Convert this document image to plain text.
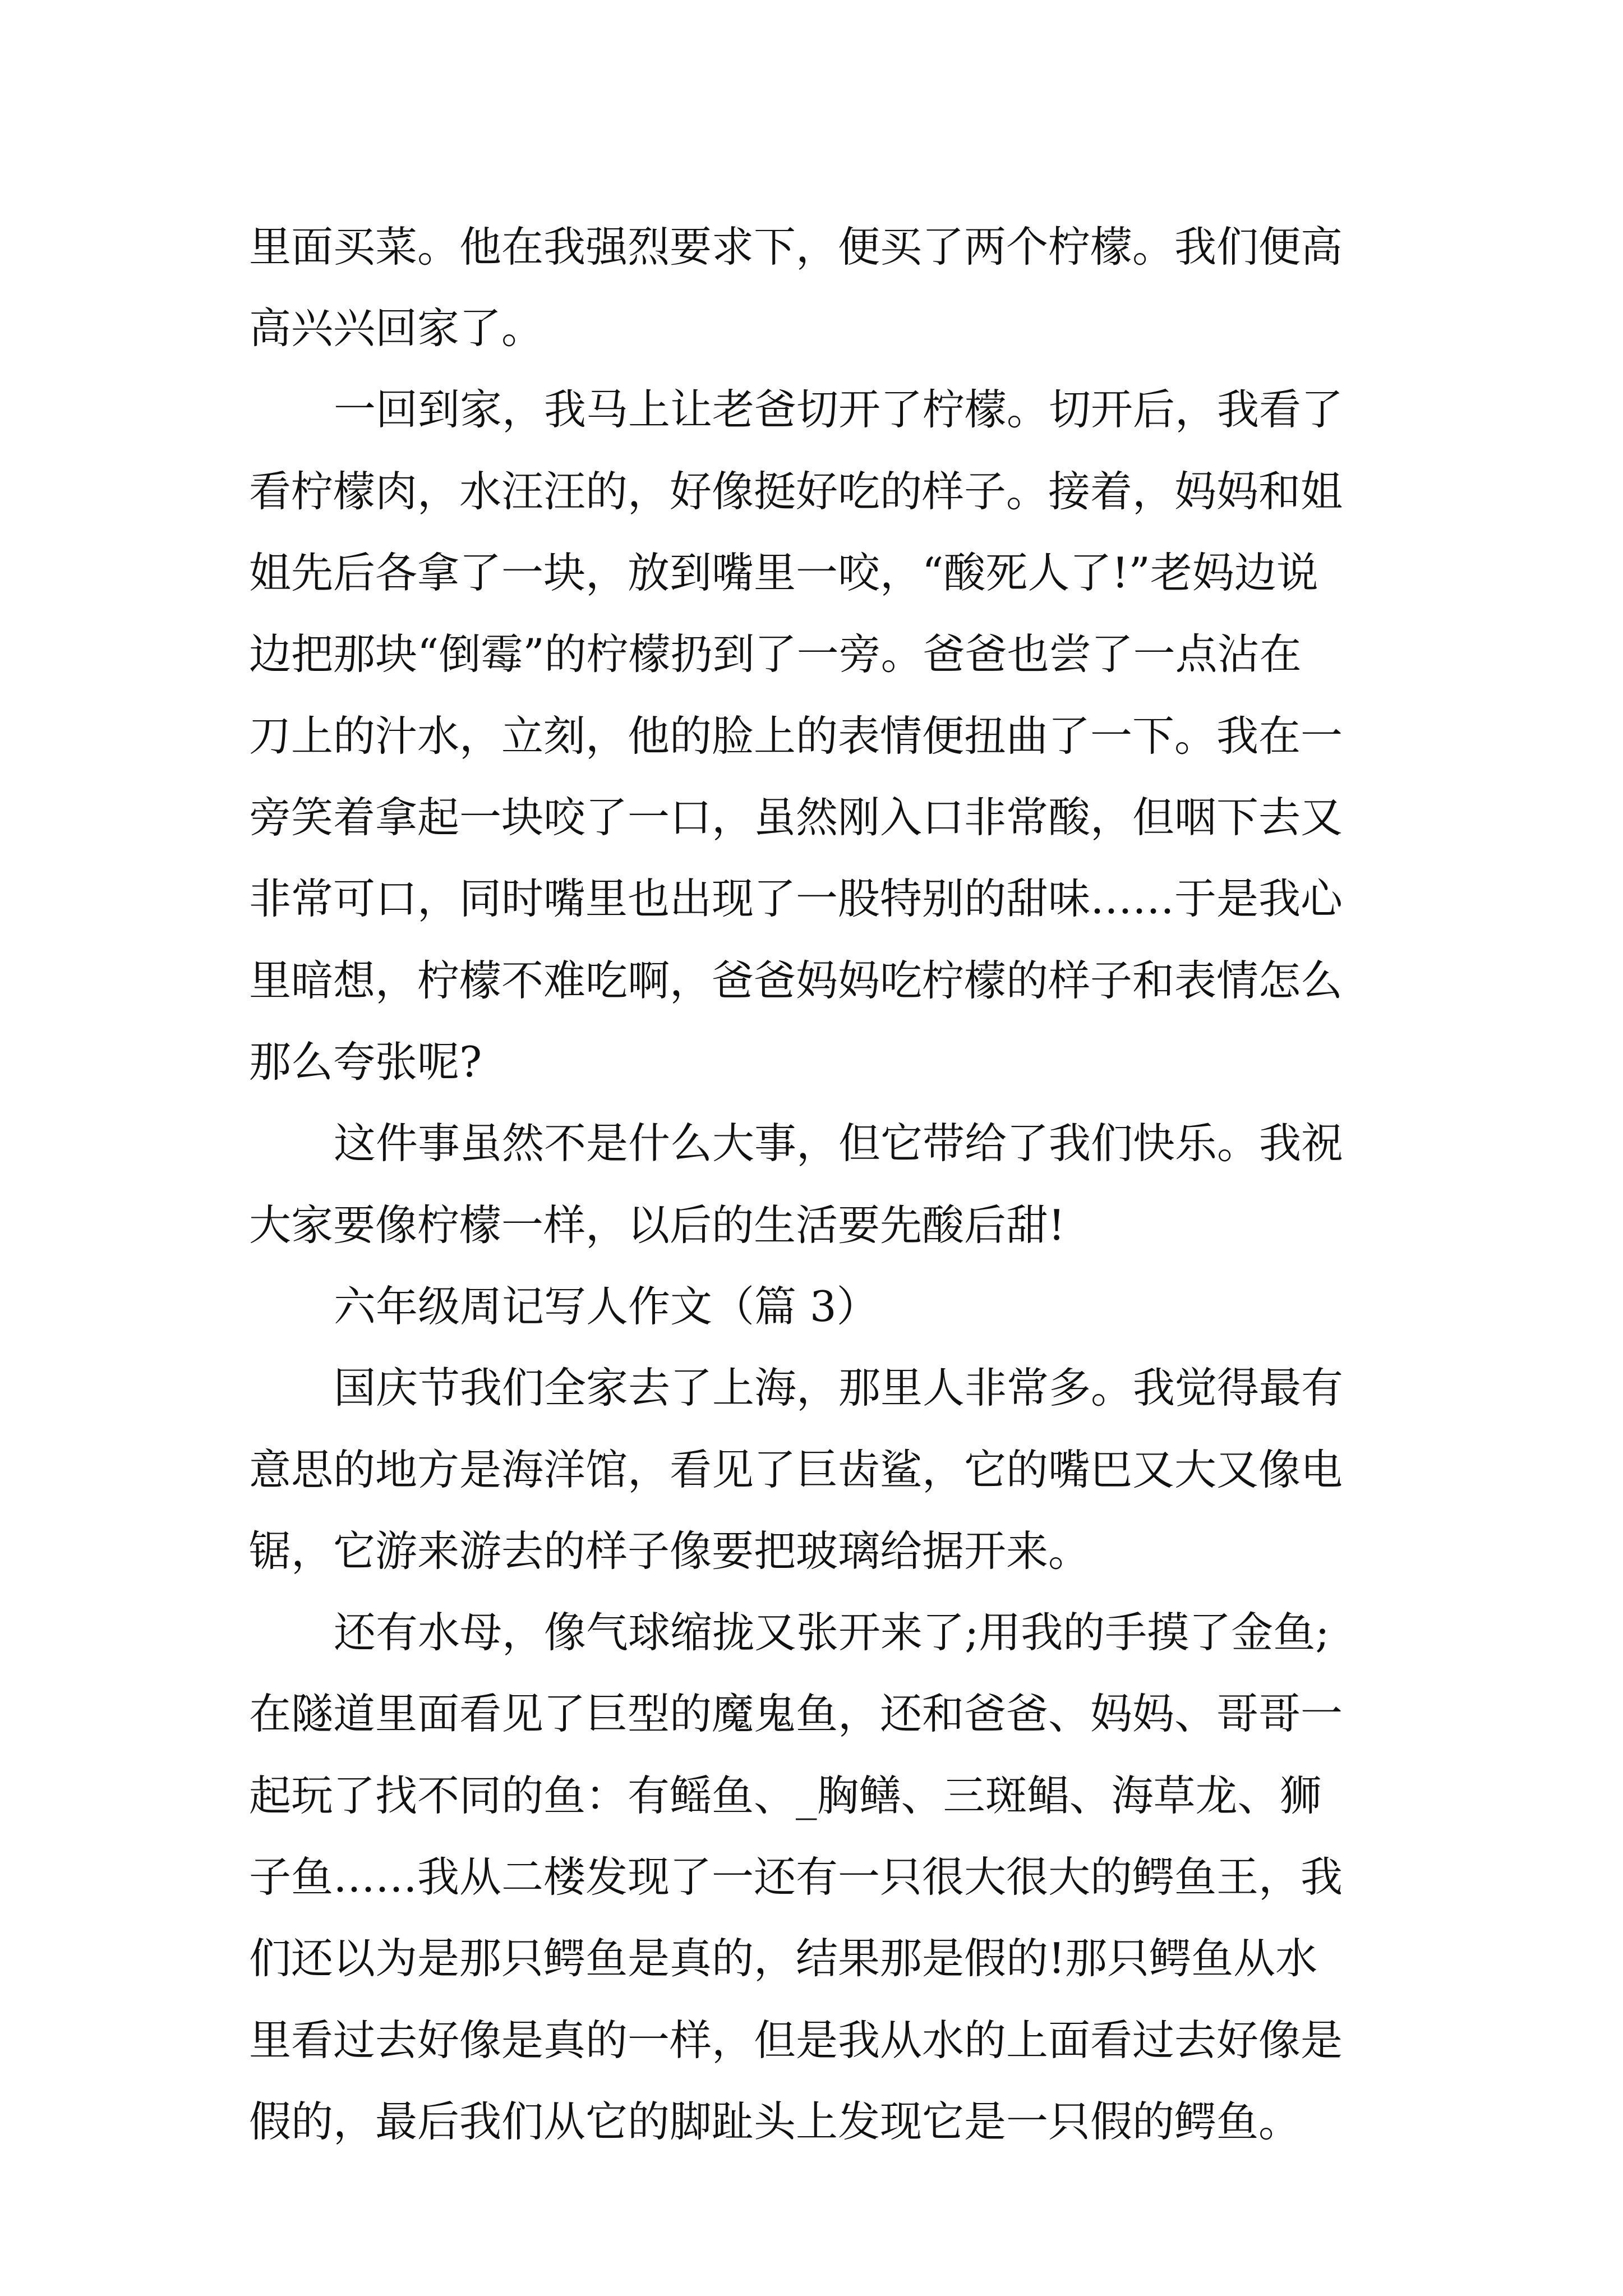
里面买菜。他在我强烈要求下，便买了两个柠檬。我们便高

高兴兴回家了。

一回到家，我马上让老爸切开了柠檬。切开后，我看了

看柠檬肉，水汪汪的，好像挺好吃的样子。接着，妈妈和姐

姐先后各拿了一块，放到嘴里一咬，“酸死人了!”老妈边说

边把那块“倒霉”的柠檬扔到了一旁。爸爸也尝了一点沾在

刀上的汁水，立刻，他的脸上的表情便扭曲了一下。我在一

旁笑着拿起一块咬了一口，虽然刚入口非常酸，但咽下去又

非常可口，同时嘴里也出现了一股特别的甜味……于是我心

里暗想，柠檬不难吃啊，爸爸妈妈吃柠檬的样子和表情怎么

那么夸张呢?

这件事虽然不是什么大事，但它带给了我们快乐。我祝

大家要像柠檬一样，以后的生活要先酸后甜!

六年级周记写人作文（篇 3）

国庆节我们全家去了上海，那里人非常多。我觉得最有

意思的地方是海洋馆，看见了巨齿鲨，它的嘴巴又大又像电

锯，它游来游去的样子像要把玻璃给据开来。

还有水母，像气球缩拢又张开来了;用我的手摸了金鱼;

在隧道里面看见了巨型的魔鬼鱼，还和爸爸、妈妈、哥哥一

起玩了找不同的鱼：有鳐鱼、_胸鳝、三斑鲳、海草龙、狮

子鱼……我从二楼发现了一还有一只很大很大的鳄鱼王，我

们还以为是那只鳄鱼是真的，结果那是假的!那只鳄鱼从水

里看过去好像是真的一样，但是我从水的上面看过去好像是

假的，最后我们从它的脚趾头上发现它是一只假的鳄鱼。
